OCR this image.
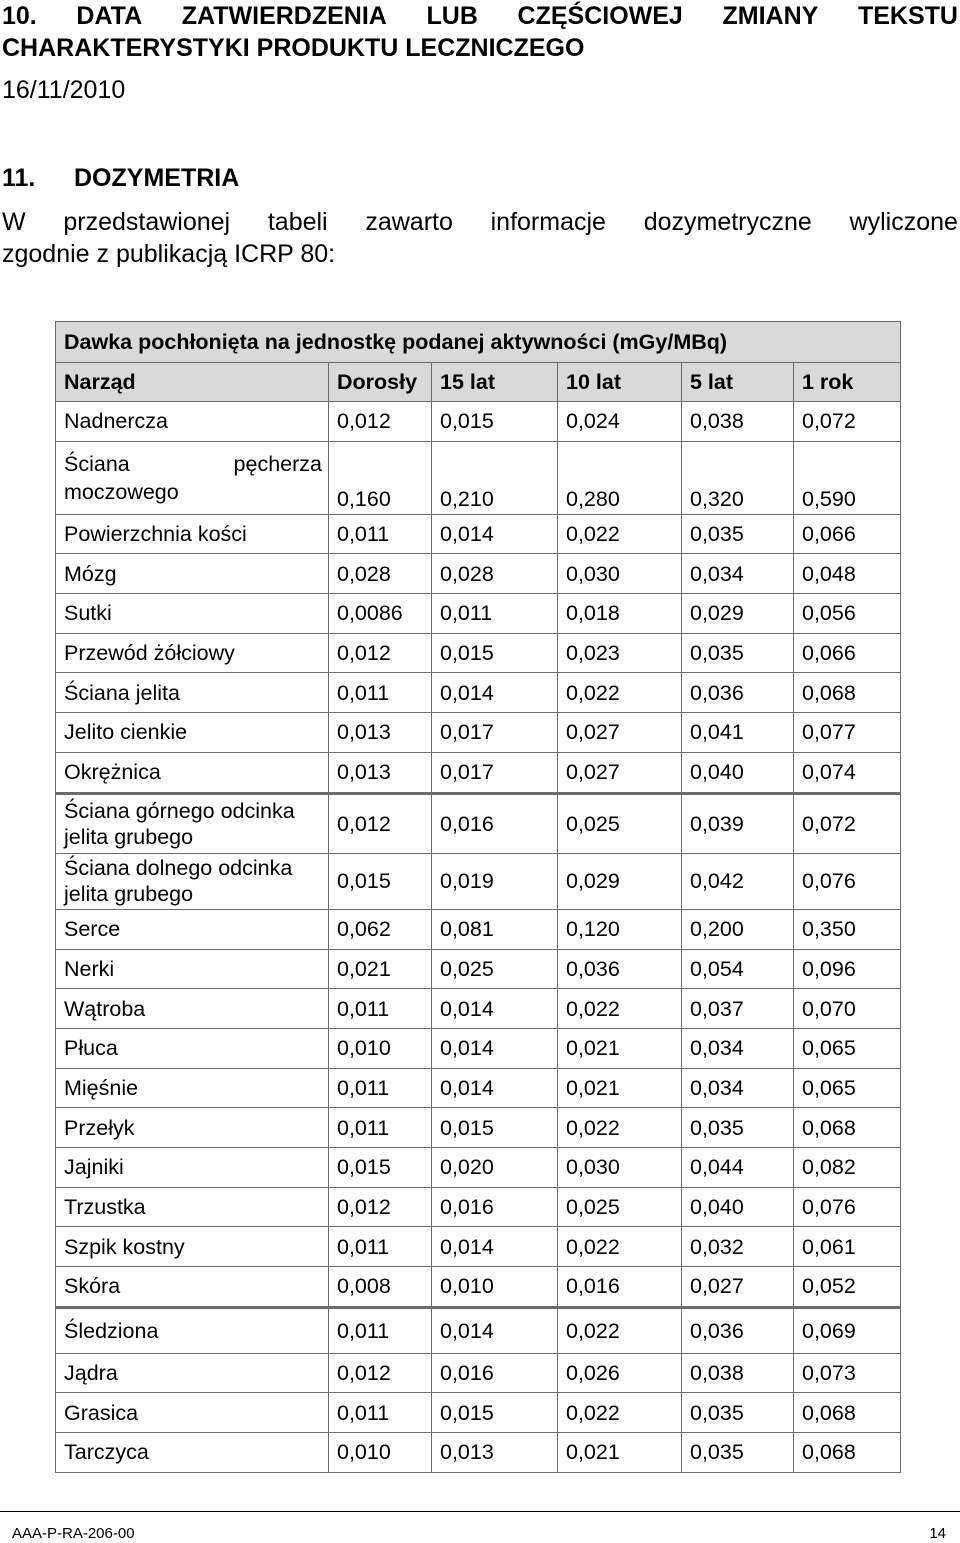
10. DATA ZATWIERDZENIA LUB CZĘŚCIOWEJ ZMIANY TEKSTU
CHARAKTERYSTYKI PRODUKTU LECZNICZEGO
16/11/2010
11. DOZYMETRIA
W przedstawionej tabeli zawarto informacje dozymetryczne wyliczone
zgodnie z publikacją ICRP 80:
Dawka pochłonięta na jednostkę podanej aktywności (mGy/MBq)					
Narząd	Dorosły	15 lat	10 lat	5 lat	1 rok
Nadnercza	0,012	0,015	0,024	0,038	0,072
Ściana pęcherza moczowego	0,160	0,210	0,280	0,320	0,590
Powierzchnia kości	0,011	0,014	0,022	0,035	0,066
Mózg	0,028	0,028	0,030	0,034	0,048
Sutki	0,0086	0,011	0,018	0,029	0,056
Przewód żółciowy	0,012	0,015	0,023	0,035	0,066
Ściana jelita	0,011	0,014	0,022	0,036	0,068
Jelito cienkie	0,013	0,017	0,027	0,041	0,077
Okrężnica	0,013	0,017	0,027	0,040	0,074
Ściana górnego odcinka jelita grubego	0,012	0,016	0,025	0,039	0,072
Ściana dolnego odcinka jelita grubego	0,015	0,019	0,029	0,042	0,076
Serce	0,062	0,081	0,120	0,200	0,350
Nerki	0,021	0,025	0,036	0,054	0,096
Wątroba	0,011	0,014	0,022	0,037	0,070
Płuca	0,010	0,014	0,021	0,034	0,065
Mięśnie	0,011	0,014	0,021	0,034	0,065
Przełyk	0,011	0,015	0,022	0,035	0,068
Jajniki	0,015	0,020	0,030	0,044	0,082
Trzustka	0,012	0,016	0,025	0,040	0,076
Szpik kostny	0,011	0,014	0,022	0,032	0,061
Skóra	0,008	0,010	0,016	0,027	0,052
Śledziona	0,011	0,014	0,022	0,036	0,069
Jądra	0,012	0,016	0,026	0,038	0,073
Grasica	0,011	0,015	0,022	0,035	0,068
Tarczyca	0,010	0,013	0,021	0,035	0,068
AAA-P-RA-206-00	14
